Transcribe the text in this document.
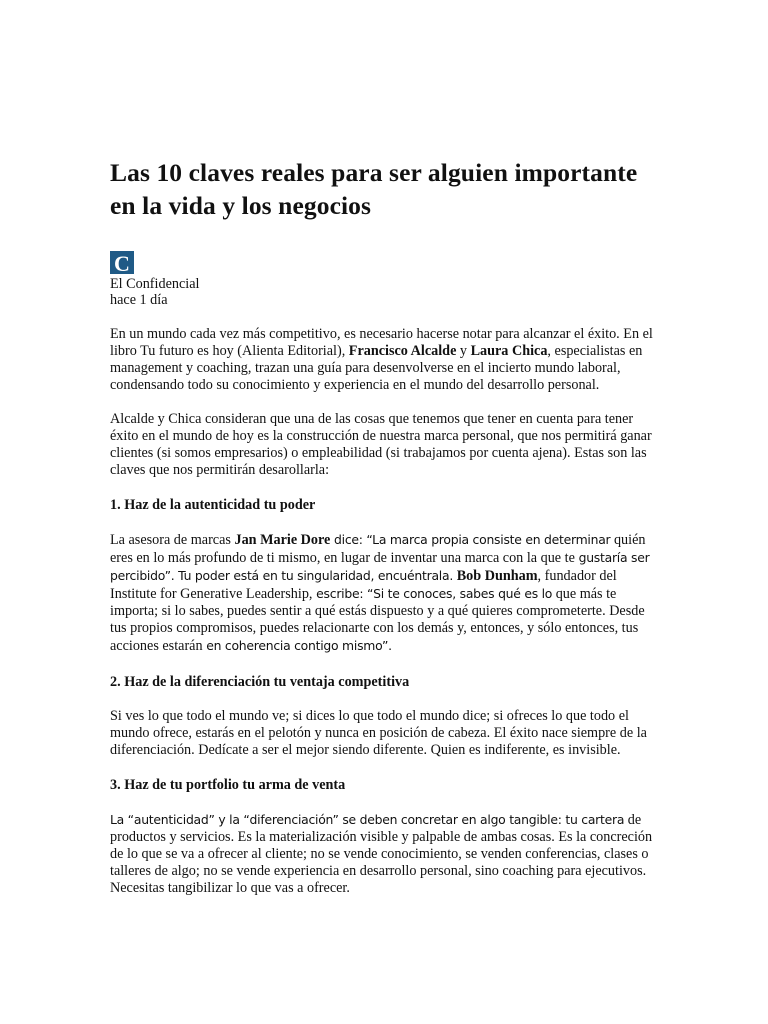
Las 10 claves reales para ser alguien importante en la vida y los negocios
C
El Confidencial
hace 1 día

En un mundo cada vez más competitivo, es necesario hacerse notar para alcanzar el éxito. En el libro Tu futuro es hoy (Alienta Editorial), Francisco Alcalde y Laura Chica, especialistas en management y coaching, trazan una guía para desenvolverse en el incierto mundo laboral, condensando todo su conocimiento y experiencia en el mundo del desarrollo personal.

Alcalde y Chica consideran que una de las cosas que tenemos que tener en cuenta para tener éxito en el mundo de hoy es la construcción de nuestra marca personal, que nos permitirá ganar clientes (si somos empresarios) o empleabilidad (si trabajamos por cuenta ajena). Estas son las claves que nos permitirán desarollarla:

1. Haz de la autenticidad tu poder

La asesora de marcas Jan Marie Dore dice: “La marca propia consiste en determinar quién eres en lo más profundo de ti mismo, en lugar de inventar una marca con la que te gustaría ser percibido”. Tu poder está en tu singularidad, encuéntrala. Bob Dunham, fundador del Institute for Generative Leadership, escribe: “Si te conoces, sabes qué es lo que más te importa; si lo sabes, puedes sentir a qué estás dispuesto y a qué quieres comprometerte. Desde tus propios compromisos, puedes relacionarte con los demás y, entonces, y sólo entonces, tus acciones estarán en coherencia contigo mismo”.

2. Haz de la diferenciación tu ventaja competitiva

Si ves lo que todo el mundo ve; si dices lo que todo el mundo dice; si ofreces lo que todo el mundo ofrece, estarás en el pelotón y nunca en posición de cabeza. El éxito nace siempre de la diferenciación. Dedícate a ser el mejor siendo diferente. Quien es indiferente, es invisible.

3. Haz de tu portfolio tu arma de venta

La “autenticidad” y la “diferenciación” se deben concretar en algo tangible: tu cartera de productos y servicios. Es la materialización visible y palpable de ambas cosas. Es la concreción de lo que se va a ofrecer al cliente; no se vende conocimiento, se venden conferencias, clases o talleres de algo; no se vende experiencia en desarrollo personal, sino coaching para ejecutivos. Necesitas tangibilizar lo que vas a ofrecer.
